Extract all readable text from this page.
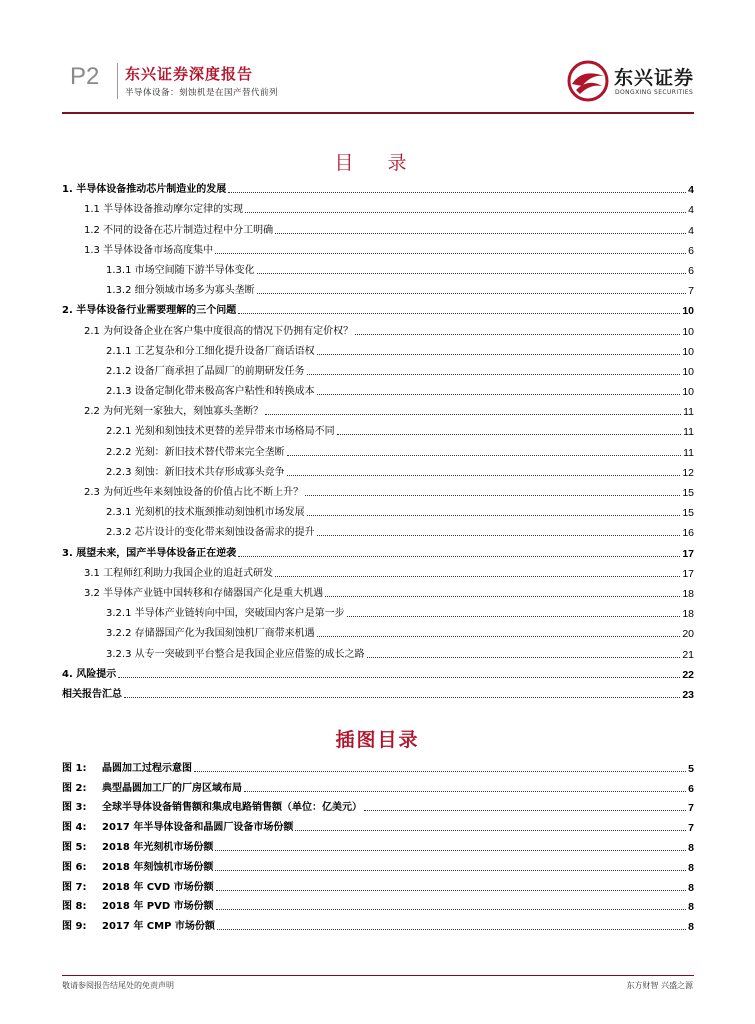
P2 东兴证券深度报告
半导体设备：刻蚀机是在国产替代前列
东兴证券
DONGXING SECURITIES
目 录
1. 半导体设备推动芯片制造业的发展	4
1.1 半导体设备推动摩尔定律的实现	4
1.2 不同的设备在芯片制造过程中分工明确	4
1.3 半导体设备市场高度集中	6
1.3.1 市场空间随下游半导体变化	6
1.3.2 细分领域市场多为寡头垄断	7
2. 半导体设备行业需要理解的三个问题	10
2.1 为何设备企业在客户集中度很高的情况下仍拥有定价权？	10
2.1.1 工艺复杂和分工细化提升设备厂商话语权	10
2.1.2 设备厂商承担了晶圆厂的前期研发任务	10
2.1.3 设备定制化带来极高客户粘性和转换成本	10
2.2 为何光刻一家独大，刻蚀寡头垄断？	11
2.2.1 光刻和刻蚀技术更替的差异带来市场格局不同	11
2.2.2 光刻：新旧技术替代带来完全垄断	11
2.2.3 刻蚀：新旧技术共存形成寡头竞争	12
2.3 为何近些年来刻蚀设备的价值占比不断上升？	15
2.3.1 光刻机的技术瓶颈推动刻蚀机市场发展	15
2.3.2 芯片设计的变化带来刻蚀设备需求的提升	16
3. 展望未来，国产半导体设备正在逆袭	17
3.1 工程师红利助力我国企业的追赶式研发	17
3.2 半导体产业链中国转移和存储器国产化是重大机遇	18
3.2.1 半导体产业链转向中国，突破国内客户是第一步	18
3.2.2 存储器国产化为我国刻蚀机厂商带来机遇	20
3.2.3 从专一突破到平台整合是我国企业应借鉴的成长之路	21
4. 风险提示	22
相关报告汇总	23
插图目录
图 1:	晶圆加工过程示意图	5
图 2:	典型晶圆加工厂的厂房区域布局	6
图 3:	全球半导体设备销售额和集成电路销售额（单位：亿美元）	7
图 4:	2017 年半导体设备和晶圆厂设备市场份额	7
图 5:	2018 年光刻机市场份额	8
图 6:	2018 年刻蚀机市场份额	8
图 7:	2018 年 CVD 市场份额	8
图 8:	2018 年 PVD 市场份额	8
图 9:	2017 年 CMP 市场份额	8
敬请参阅报告结尾处的免责声明	东方财智 兴盛之源
